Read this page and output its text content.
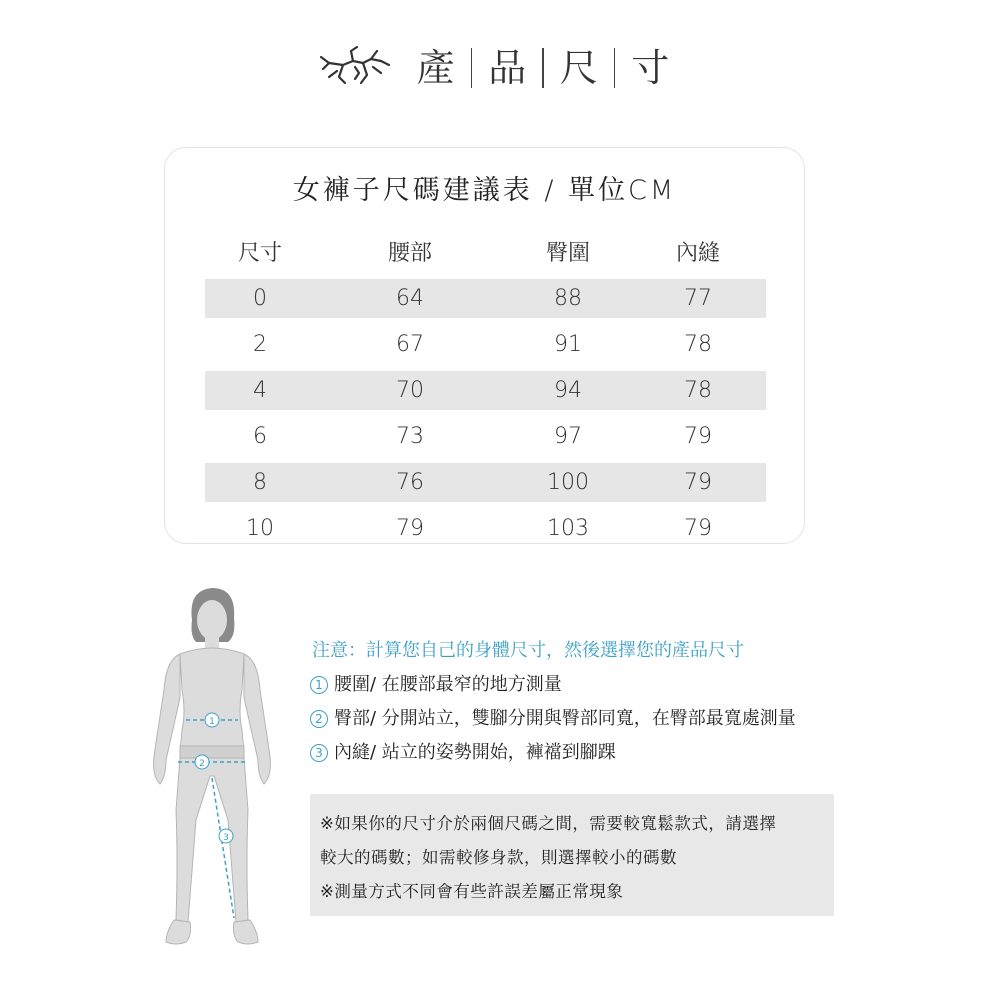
產 品 尺 寸
女褲子尺碼建議表 / 單位CM
尺寸	腰部	臀圍	內縫
0	64	88	77
2	67	91	78
4	70	94	78
6	73	97	79
8	76	100	79
10	79	103	79
1
2
3
注意：計算您自己的身體尺寸，然後選擇您的產品尺寸
1 腰圍/ 在腰部最窄的地方測量
2 臀部/ 分開站立，雙腳分開與臀部同寬，在臀部最寬處測量
3 內縫/ 站立的姿勢開始，褲襠到腳踝
※如果你的尺寸介於兩個尺碼之間，需要較寬鬆款式，請選擇
較大的碼數；如需較修身款，則選擇較小的碼數
※測量方式不同會有些許誤差屬正常現象
